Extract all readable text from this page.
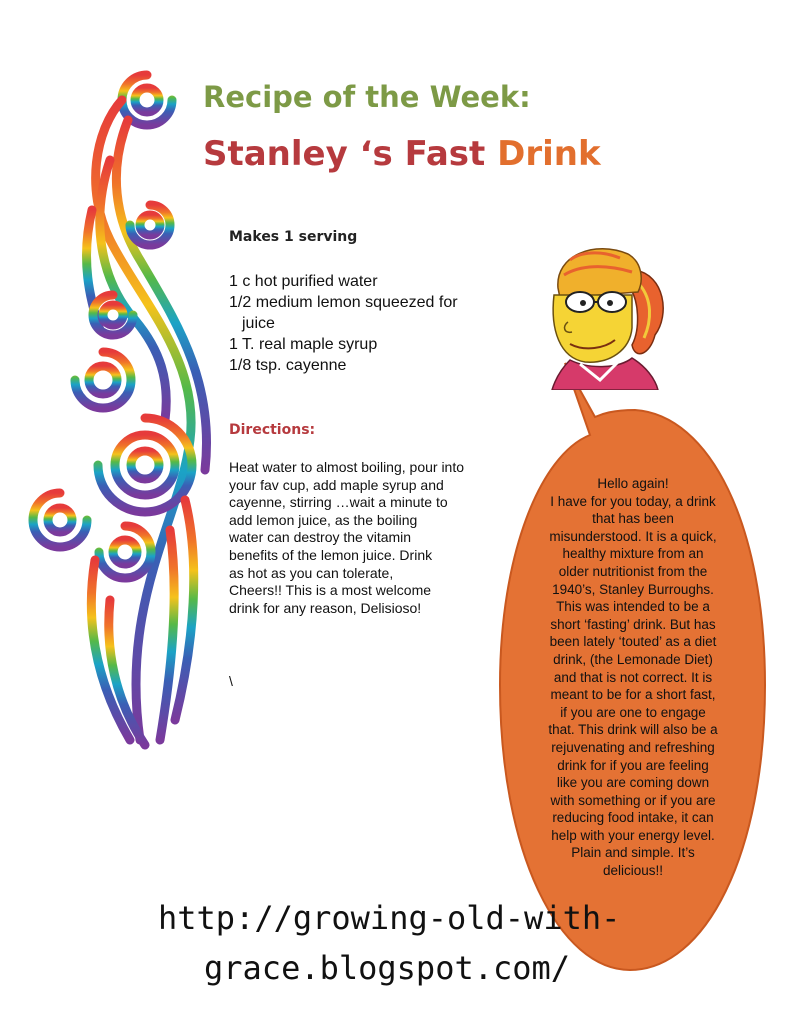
Recipe of the Week:
Stanley ‘s Fast Drink
Makes 1 serving
1 c hot purified water
1/2 medium lemon squeezed for
juice
1 T. real maple syrup
1/8 tsp. cayenne
Directions:

Heat water to almost boiling, pour into
your fav cup, add maple syrup and
cayenne, stirring …wait a minute to
add lemon juice, as the boiling
water can destroy the vitamin
benefits of the lemon juice. Drink
as hot as you can tolerate,
Cheers!! This is a most welcome
drink for any reason, Delisioso!

\
Hello again!
I have for you today, a drink
that has been
misunderstood. It is a quick,
healthy mixture from an
older nutritionist from the
1940’s, Stanley Burroughs.
This was intended to be a
short ‘fasting’ drink. But has
been lately ‘touted’ as a diet
drink, (the Lemonade Diet)
and that is not correct. It is
meant to be for a short fast,
if you are one to engage
that. This drink will also be a
rejuvenating and refreshing
drink for if you are feeling
like you are coming down
with something or if you are
reducing food intake, it can
help with your energy level.
Plain and simple. It’s
delicious!!
http://growing-old-with-
grace.blogspot.com/
